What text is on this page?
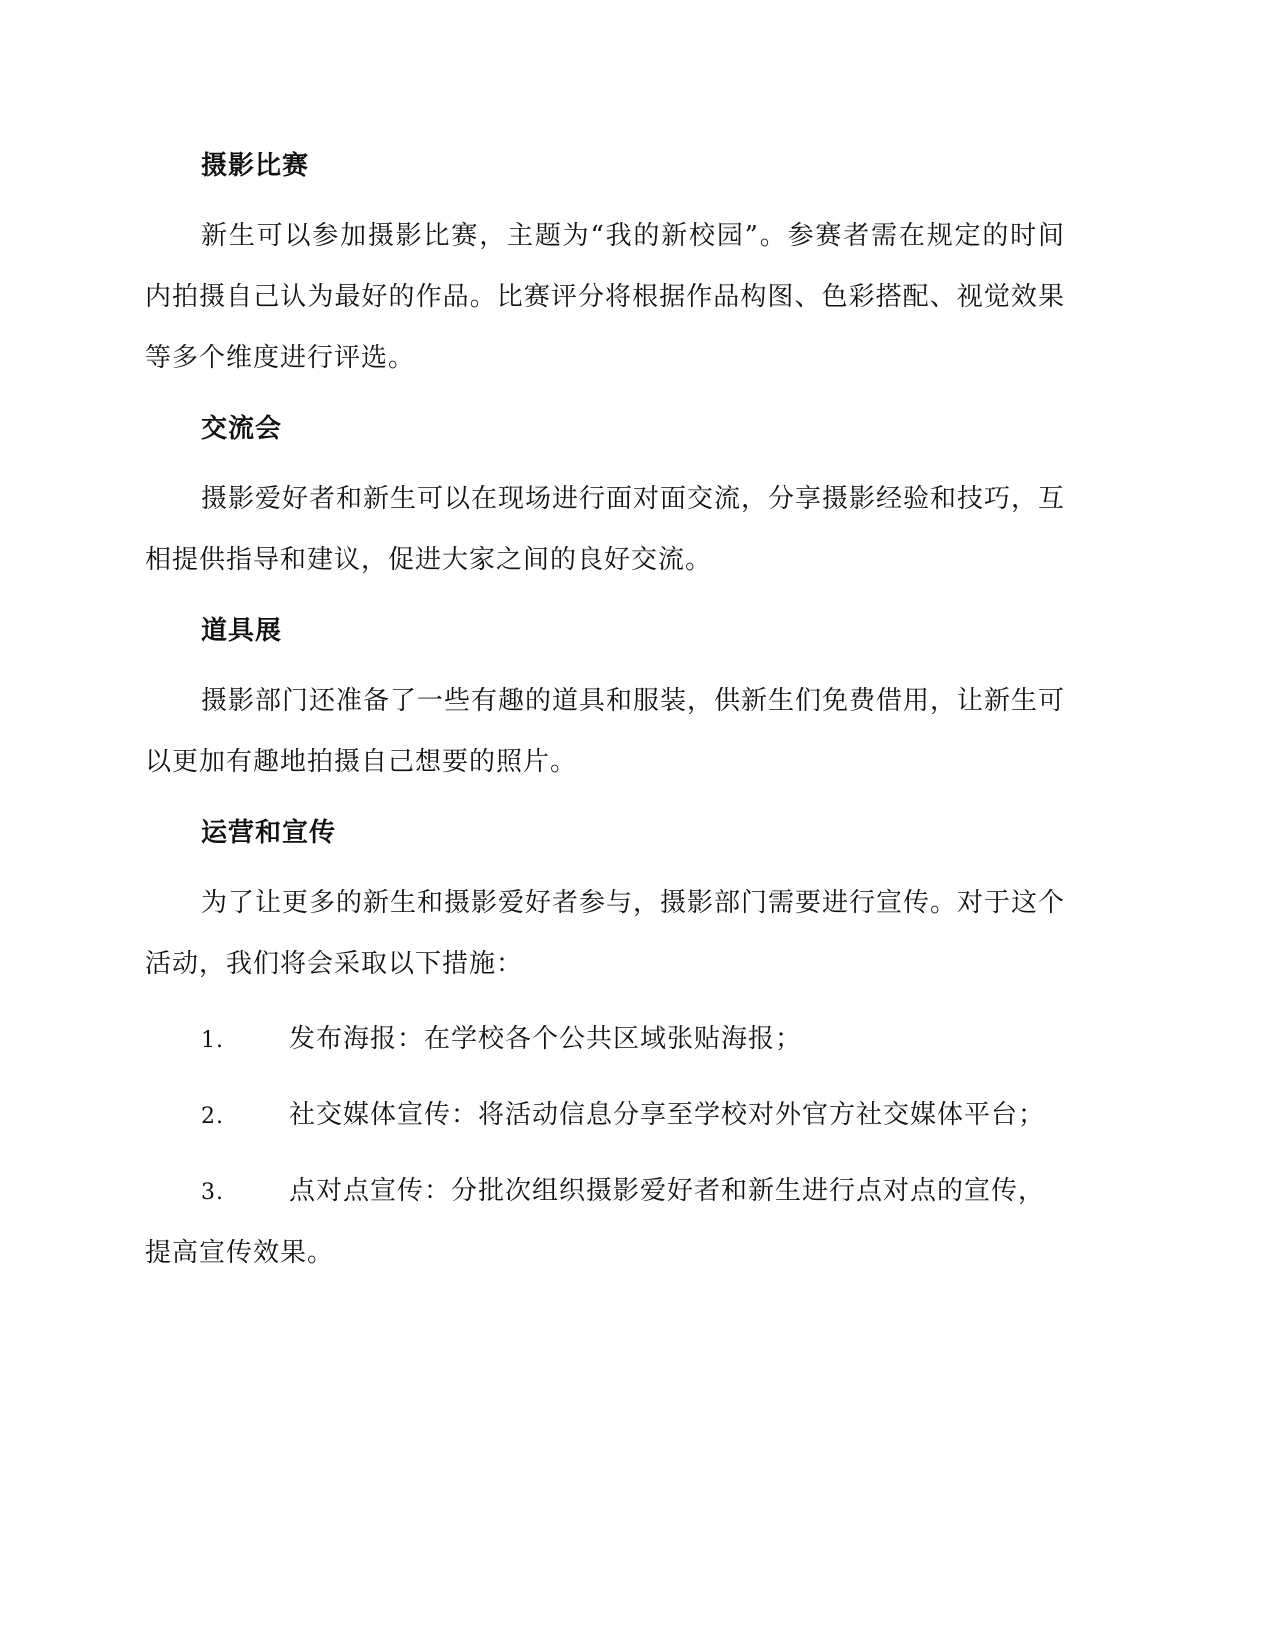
摄影比赛
新生可以参加摄影比赛，主题为“我的新校园”。参赛者需在规定的时间内拍摄自己认为最好的作品。比赛评分将根据作品构图、色彩搭配、视觉效果等多个维度进行评选。
交流会
摄影爱好者和新生可以在现场进行面对面交流，分享摄影经验和技巧，互相提供指导和建议，促进大家之间的良好交流。
道具展
摄影部门还准备了一些有趣的道具和服装，供新生们免费借用，让新生可以更加有趣地拍摄自己想要的照片。
运营和宣传
为了让更多的新生和摄影爱好者参与，摄影部门需要进行宣传。对于这个活动，我们将会采取以下措施：
1.	发布海报：在学校各个公共区域张贴海报；
2.	社交媒体宣传：将活动信息分享至学校对外官方社交媒体平台；
3.	点对点宣传：分批次组织摄影爱好者和新生进行点对点的宣传，提高宣传效果。
